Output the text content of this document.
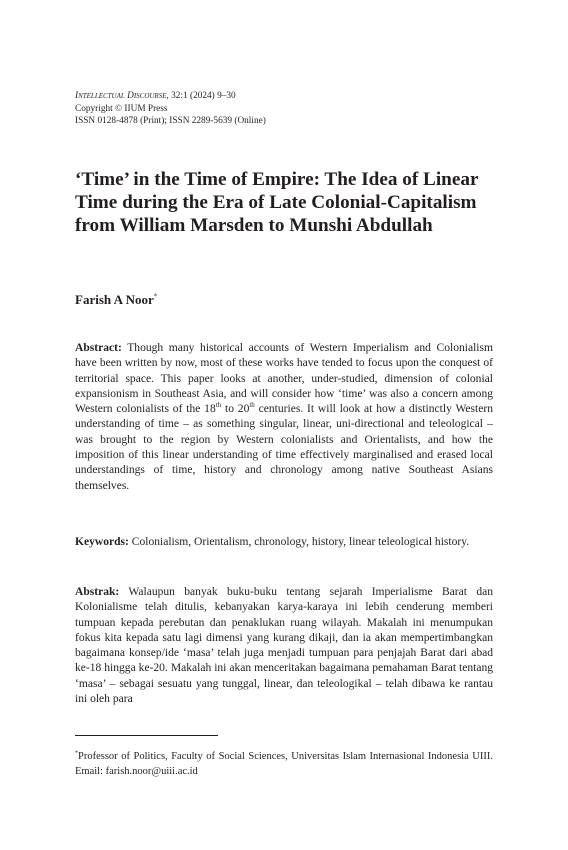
Intellectual Discourse, 32:1 (2024) 9–30
Copyright © IIUM Press
ISSN 0128-4878 (Print); ISSN 2289-5639 (Online)
‘Time’ in the Time of Empire: The Idea of Linear Time during the Era of Late Colonial-Capitalism from William Marsden to Munshi Abdullah
Farish A Noor*

Abstract: Though many historical accounts of Western Imperialism and Colonialism have been written by now, most of these works have tended to focus upon the conquest of territorial space. This paper looks at another, under-studied, dimension of colonial expansionism in Southeast Asia, and will consider how ‘time’ was also a concern among Western colonialists of the 18th to 20th centuries. It will look at how a distinctly Western understanding of time – as something singular, linear, uni-directional and teleological – was brought to the region by Western colonialists and Orientalists, and how the imposition of this linear understanding of time effectively marginalised and erased local understandings of time, history and chronology among native Southeast Asians themselves.

Keywords: Colonialism, Orientalism, chronology, history, linear teleological history.

Abstrak: Walaupun banyak buku-buku tentang sejarah Imperialisme Barat dan Kolonialisme telah ditulis, kebanyakan karya-karaya ini lebih cenderung memberi tumpuan kepada perebutan dan penaklukan ruang wilayah. Makalah ini menumpukan fokus kita kepada satu lagi dimensi yang kurang dikaji, dan ia akan mempertimbangkan bagaimana konsep/ide ‘masa’ telah juga menjadi tumpuan para penjajah Barat dari abad ke-18 hingga ke-20. Makalah ini akan menceritakan bagaimana pemahaman Barat tentang ‘masa’ – sebagai sesuatu yang tunggal, linear, dan teleologikal – telah dibawa ke rantau ini oleh para

*Professor of Politics, Faculty of Social Sciences, Universitas Islam Internasional Indonesia UIII. Email: farish.noor@uiii.ac.id
